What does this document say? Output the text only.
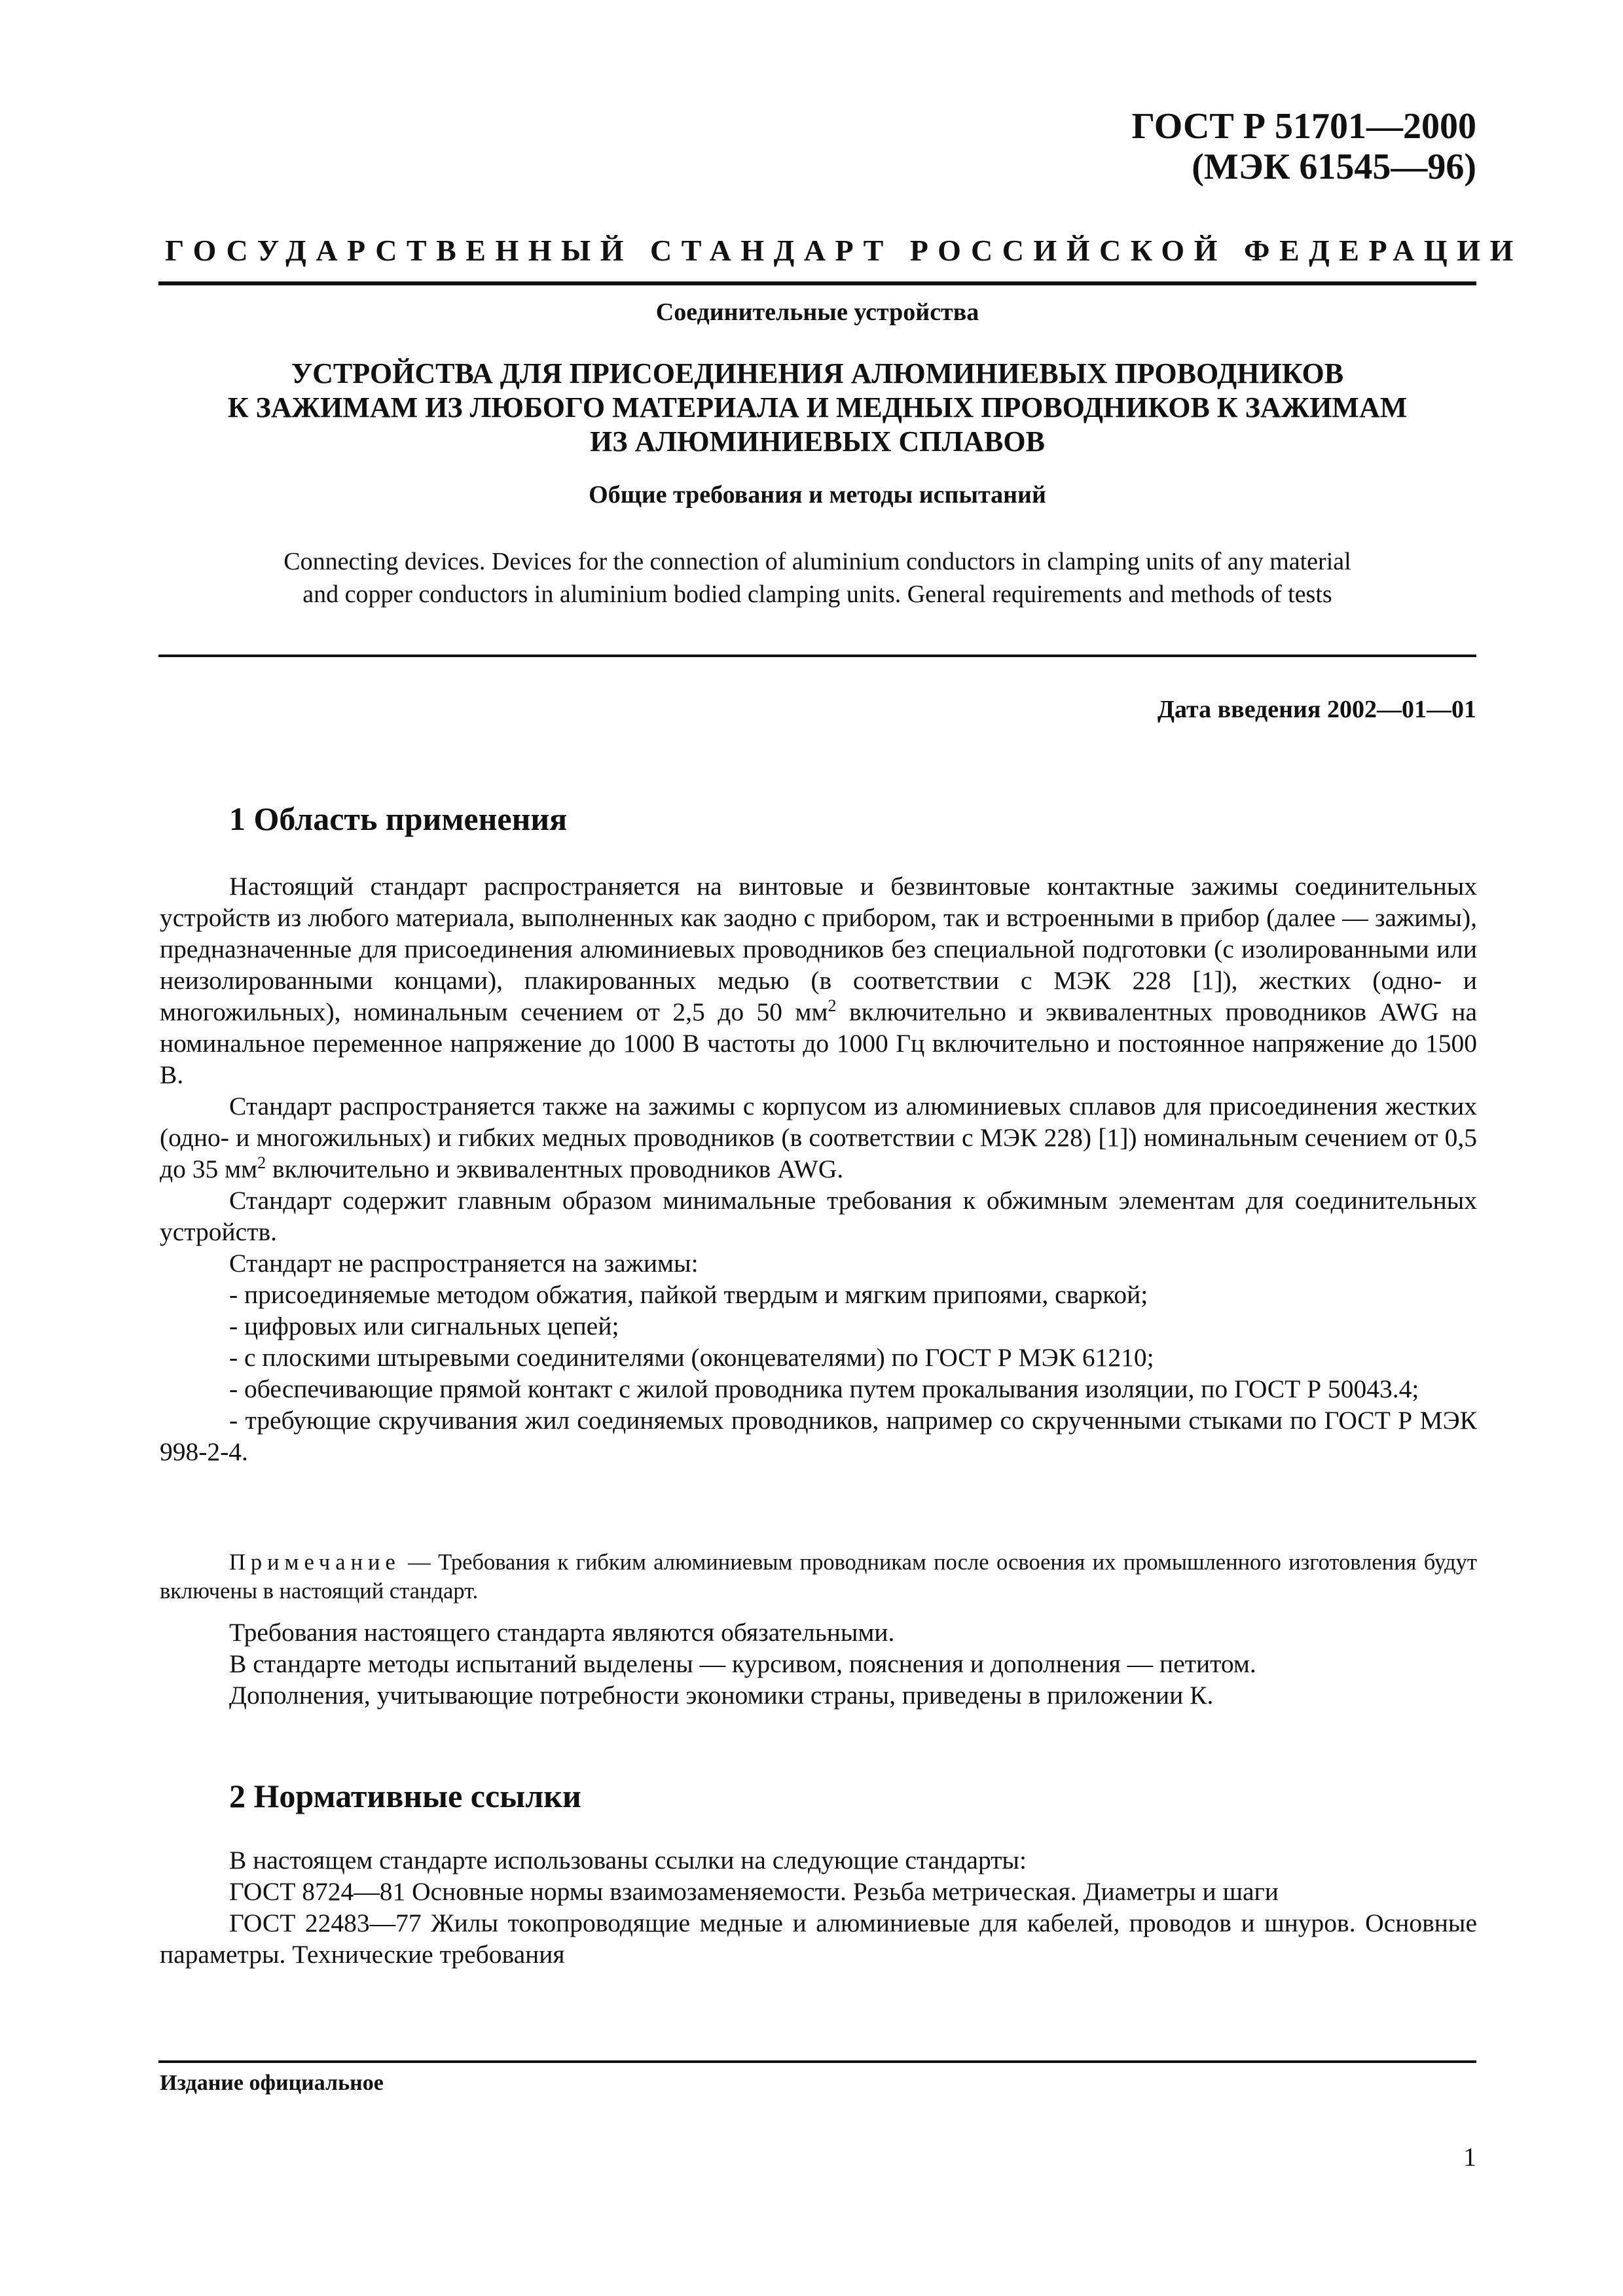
ГОСТ Р 51701—2000
(МЭК 61545—96)
ГОСУДАРСТВЕННЫЙ СТАНДАРТ РОССИЙСКОЙ ФЕДЕРАЦИИ
Соединительные устройства
УСТРОЙСТВА ДЛЯ ПРИСОЕДИНЕНИЯ АЛЮМИНИЕВЫХ ПРОВОДНИКОВ
К ЗАЖИМАМ ИЗ ЛЮБОГО МАТЕРИАЛА И МЕДНЫХ ПРОВОДНИКОВ К ЗАЖИМАМ
ИЗ АЛЮМИНИЕВЫХ СПЛАВОВ
Общие требования и методы испытаний
Connecting devices. Devices for the connection of aluminium conductors in clamping units of any material
and copper conductors in aluminium bodied clamping units. General requirements and methods of tests
Дата введения 2002—01—01
1 Область применения

Настоящий стандарт распространяется на винтовые и безвинтовые контактные зажимы соединительных устройств из любого материала, выполненных как заодно с прибором, так и встроенными в прибор (далее — зажимы), предназначенные для присоединения алюминиевых проводников без специальной подготовки (с изолированными или неизолированными концами), плакированных медью (в соответствии с МЭК 228 [1]), жестких (одно- и многожильных), номинальным сечением от 2,5 до 50 $мм^2$ включительно и эквивалентных проводников AWG на номинальное переменное напряжение до 1000 В частоты до 1000 Гц включительно и постоянное напряжение до 1500 В.

Стандарт распространяется также на зажимы с корпусом из алюминиевых сплавов для присоединения жестких (одно- и многожильных) и гибких медных проводников (в соответствии с МЭК 228) [1]) номинальным сечением от 0,5 до 35 $мм^2$ включительно и эквивалентных проводников AWG.

Стандарт содержит главным образом минимальные требования к обжимным элементам для соединительных устройств.

Стандарт не распространяется на зажимы:

- присоединяемые методом обжатия, пайкой твердым и мягким припоями, сваркой;

- цифровых или сигнальных цепей;

- с плоскими штыревыми соединителями (оконцевателями) по ГОСТ Р МЭК 61210;

- обеспечивающие прямой контакт с жилой проводника путем прокалывания изоляции, по ГОСТ Р 50043.4;

- требующие скручивания жил соединяемых проводников, например со скрученными стыками по ГОСТ Р МЭК 998-2-4.

Примечание — Требования к гибким алюминиевым проводникам после освоения их промышленного изготовления будут включены в настоящий стандарт.

Требования настоящего стандарта являются обязательными.

В стандарте методы испытаний выделены — курсивом, пояснения и дополнения — петитом.

Дополнения, учитывающие потребности экономики страны, приведены в приложении К.

2 Нормативные ссылки

В настоящем стандарте использованы ссылки на следующие стандарты:

ГОСТ 8724—81 Основные нормы взаимозаменяемости. Резьба метрическая. Диаметры и шаги

ГОСТ 22483—77 Жилы токопроводящие медные и алюминиевые для кабелей, проводов и шнуров. Основные параметры. Технические требования

Издание официальное
1
